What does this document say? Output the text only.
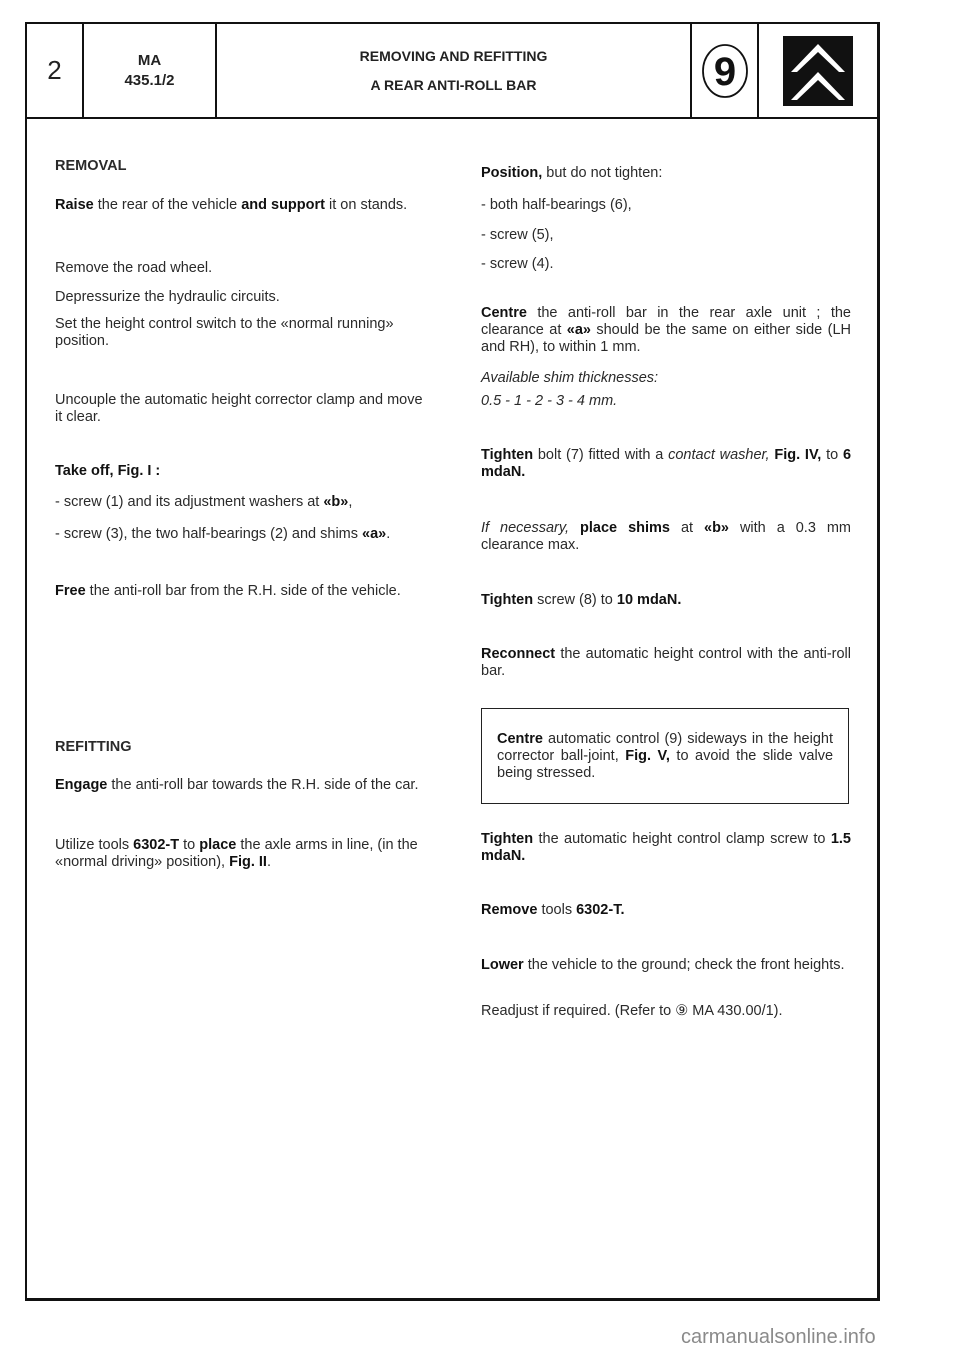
2	MA
435.1/2
REMOVING AND REFITTING
A REAR ANTI-ROLL BAR	9
REMOVAL
Raise the rear of the vehicle and support it on stands.
Remove the road wheel.
Depressurize the hydraulic circuits.
Set the height control switch to the «normal running» position.
Uncouple the automatic height corrector clamp and move it clear.
Take off, Fig. I :
- screw (1) and its adjustment washers at «b»,
- screw (3), the two half-bearings (2) and shims «a».
Free the anti-roll bar from the R.H. side of the vehicle.
REFITTING
Engage the anti-roll bar towards the R.H. side of the car.
Utilize tools 6302-T to place the axle arms in line, (in the «normal driving» position), Fig. II.
Position, but do not tighten:
- both half-bearings (6),
- screw (5),
- screw (4).
Centre the anti-roll bar in the rear axle unit ; the clearance at «a» should be the same on either side (LH and RH), to within 1 mm.
Available shim thicknesses:
0.5 - 1 - 2 - 3 - 4 mm.
Tighten bolt (7) fitted with a contact washer, Fig. IV, to 6 mdaN.
If necessary, place shims at «b» with a 0.3 mm clearance max.
Tighten screw (8) to 10 mdaN.
Reconnect the automatic height control with the anti-roll bar.
Tighten the automatic height control clamp screw to 1.5 mdaN.
Remove tools 6302-T.
Lower the vehicle to the ground; check the front heights.
Readjust if required. (Refer to ⑨ MA 430.00/1).
Centre automatic control (9) sideways in the height corrector ball-joint, Fig. V, to avoid the slide valve being stressed.
carmanualsonline.info
